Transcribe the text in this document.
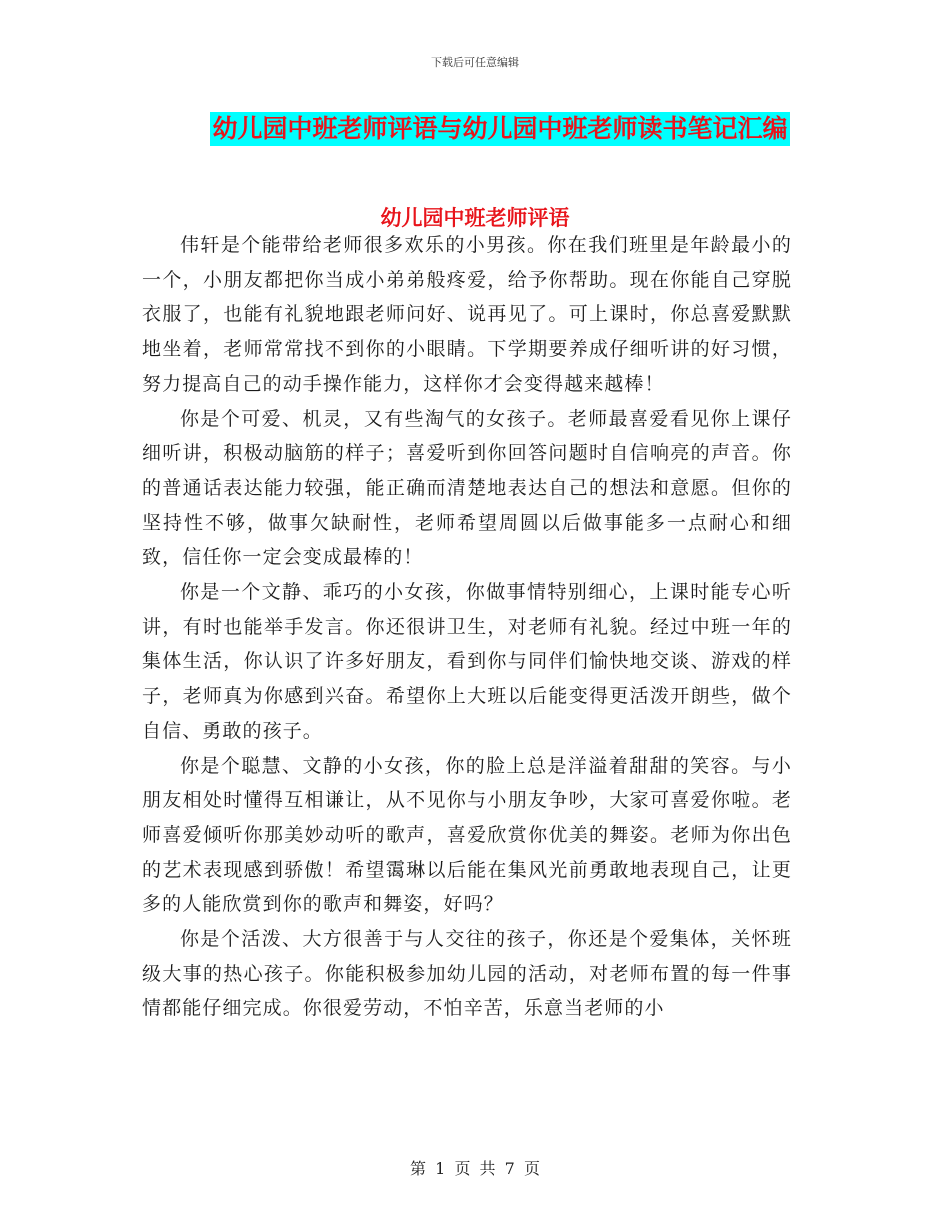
下载后可任意编辑
幼儿园中班老师评语与幼儿园中班老师读书笔记汇编
幼儿园中班老师评语

伟轩是个能带给老师很多欢乐的小男孩。你在我们班里是年龄最小的一个，小朋友都把你当成小弟弟般疼爱，给予你帮助。现在你能自己穿脱衣服了，也能有礼貌地跟老师问好、说再见了。可上课时，你总喜爱默默地坐着，老师常常找不到你的小眼睛。下学期要养成仔细听讲的好习惯，努力提高自己的动手操作能力，这样你才会变得越来越棒！

你是个可爱、机灵，又有些淘气的女孩子。老师最喜爱看见你上课仔细听讲，积极动脑筋的样子；喜爱听到你回答问题时自信响亮的声音。你的普通话表达能力较强，能正确而清楚地表达自己的想法和意愿。但你的坚持性不够，做事欠缺耐性，老师希望周圆以后做事能多一点耐心和细致，信任你一定会变成最棒的！

你是一个文静、乖巧的小女孩，你做事情特别细心，上课时能专心听讲，有时也能举手发言。你还很讲卫生，对老师有礼貌。经过中班一年的集体生活，你认识了许多好朋友，看到你与同伴们愉快地交谈、游戏的样子，老师真为你感到兴奋。希望你上大班以后能变得更活泼开朗些，做个自信、勇敢的孩子。

你是个聪慧、文静的小女孩，你的脸上总是洋溢着甜甜的笑容。与小朋友相处时懂得互相谦让，从不见你与小朋友争吵，大家可喜爱你啦。老师喜爱倾听你那美妙动听的歌声，喜爱欣赏你优美的舞姿。老师为你出色的艺术表现感到骄傲！希望霭琳以后能在集风光前勇敢地表现自己，让更多的人能欣赏到你的歌声和舞姿，好吗？

你是个活泼、大方很善于与人交往的孩子，你还是个爱集体，关怀班级大事的热心孩子。你能积极参加幼儿园的活动，对老师布置的每一件事情都能仔细完成。你很爱劳动，不怕辛苦，乐意当老师的小

第 1 页 共 7 页
